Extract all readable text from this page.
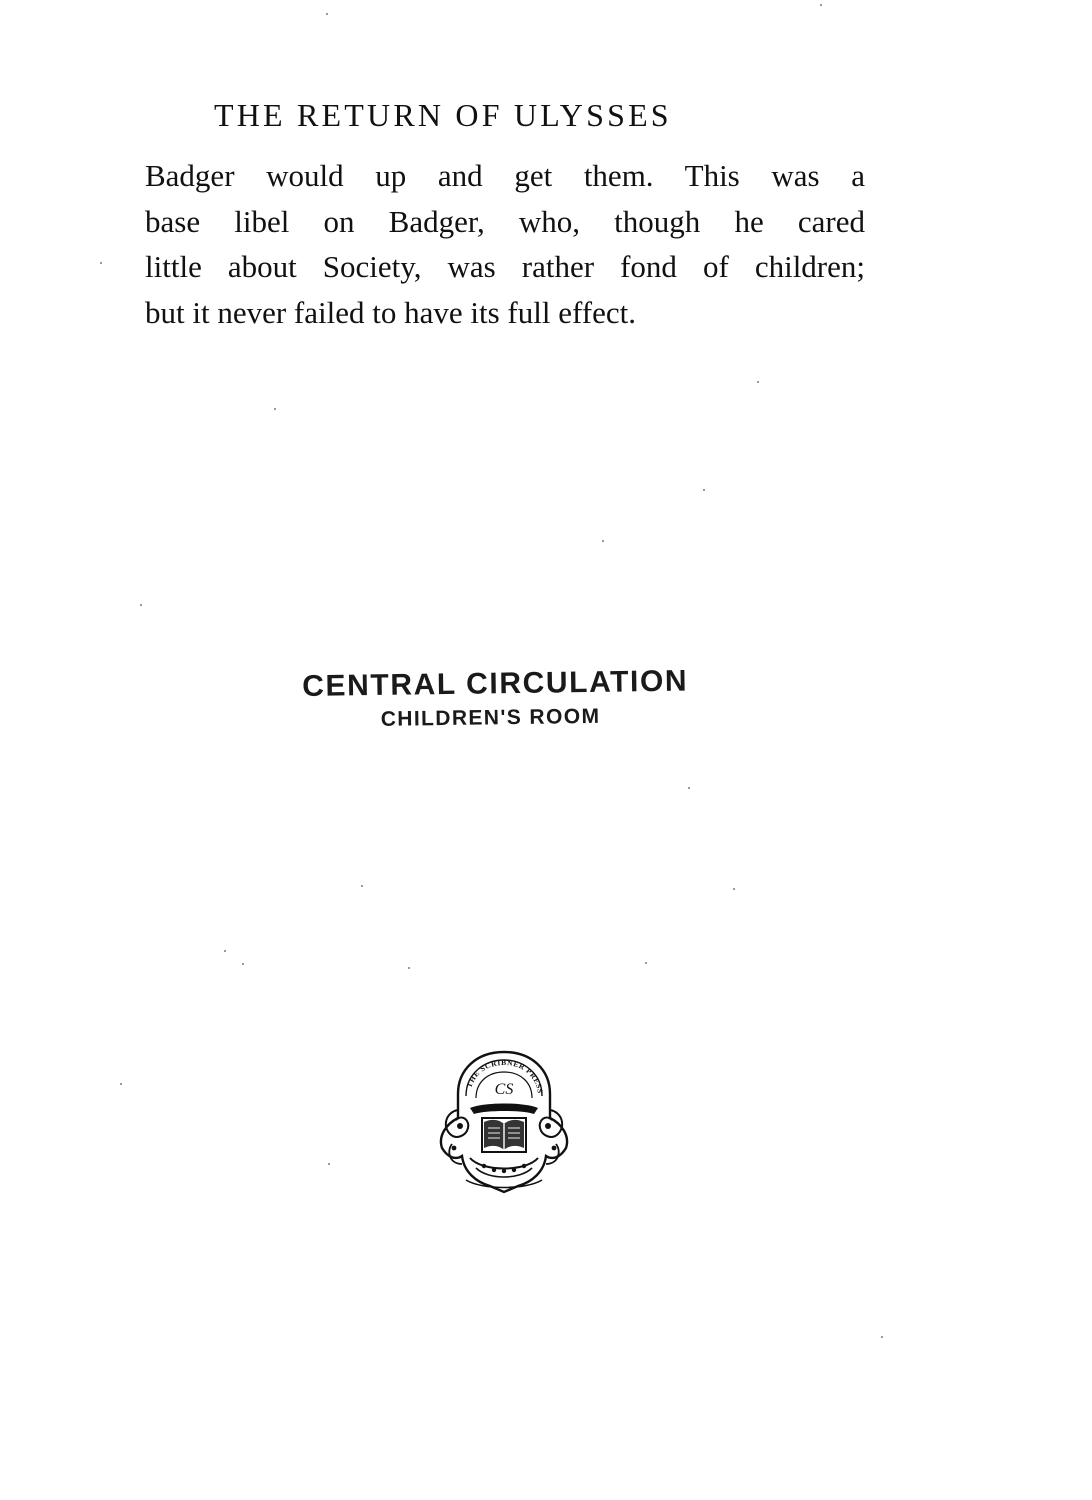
THE RETURN OF ULYSSES

Badger would up and get them. This was a
base libel on Badger, who, though he cared
little about Society, was rather fond of children;
but it never failed to have its full effect.

CENTRAL CIRCULATION
CHILDREN'S ROOM
THE SCRIBNER PRESS
CS
